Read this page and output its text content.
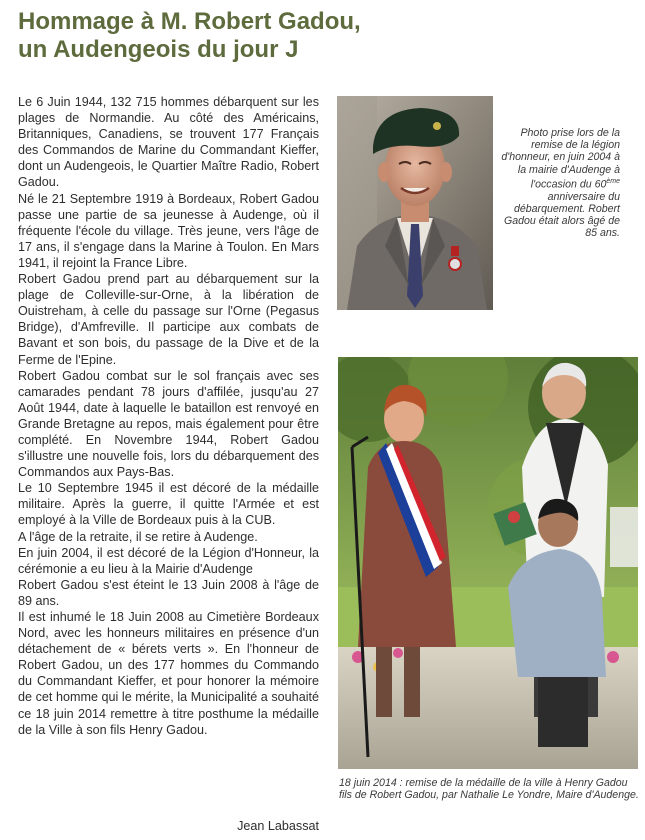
Hommage à M. Robert Gadou,
un Audengeois du jour J

Le 6 Juin 1944, 132 715 hommes débarquent sur les plages de Normandie. Au côté des Américains, Britanniques, Canadiens, se trouvent 177 Français des Commandos de Marine du Commandant Kieffer, dont un Audengeois, le Quartier Maître Radio, Robert Gadou.

Né le 21 Septembre 1919 à Bordeaux, Robert Gadou passe une partie de sa jeunesse à Audenge, où il fréquente l'école du village. Très jeune, vers l'âge de 17 ans, il s'engage dans la Marine à Toulon. En Mars 1941, il rejoint la France Libre.

Robert Gadou prend part au débarquement sur la plage de Colleville-sur-Orne, à la libération de Ouistreham, à celle du passage sur l'Orne (Pegasus Bridge), d'Amfreville. Il participe aux combats de Bavant et son bois, du passage de la Dive et de la Ferme de l'Epine.

Robert Gadou combat sur le sol français avec ses camarades pendant 78 jours d'affilée, jusqu'au 27 Août 1944, date à laquelle le bataillon est renvoyé en Grande Bretagne au repos, mais également pour être complété. En Novembre 1944, Robert Gadou s'illustre une nouvelle fois, lors du débarquement des Commandos aux Pays-Bas.

Le 10 Septembre 1945 il est décoré de la médaille militaire. Après la guerre, il quitte l'Armée et est employé à la Ville de Bordeaux puis à la CUB.

A l'âge de la retraite, il se retire à Audenge.

En juin 2004, il est décoré de la Légion d'Honneur, la cérémonie a eu lieu à la Mairie d'Audenge

Robert Gadou s'est éteint le 13 Juin 2008 à l'âge de 89 ans.

Il est inhumé le 18 Juin 2008 au Cimetière Bordeaux Nord, avec les honneurs militaires en présence d'un détachement de « bérets verts ». En l'honneur de Robert Gadou, un des 177 hommes du Commando du Commandant Kieffer, et pour honorer la mémoire de cet homme qui le mérite, la Municipalité a souhaité ce 18 juin 2014 remettre à titre posthume la médaille de la Ville à son fils Henry Gadou.

Jean Labassat
Photo prise lors de la remise de la légion d'honneur, en juin 2004 à la mairie d'Audenge à l'occasion du 60ème anniversaire du débarquement. Robert Gadou était alors âgé de 85 ans.
18 juin 2014 : remise de la médaille de la ville à Henry Gadou fils de Robert Gadou, par Nathalie Le Yondre, Maire d'Audenge.
